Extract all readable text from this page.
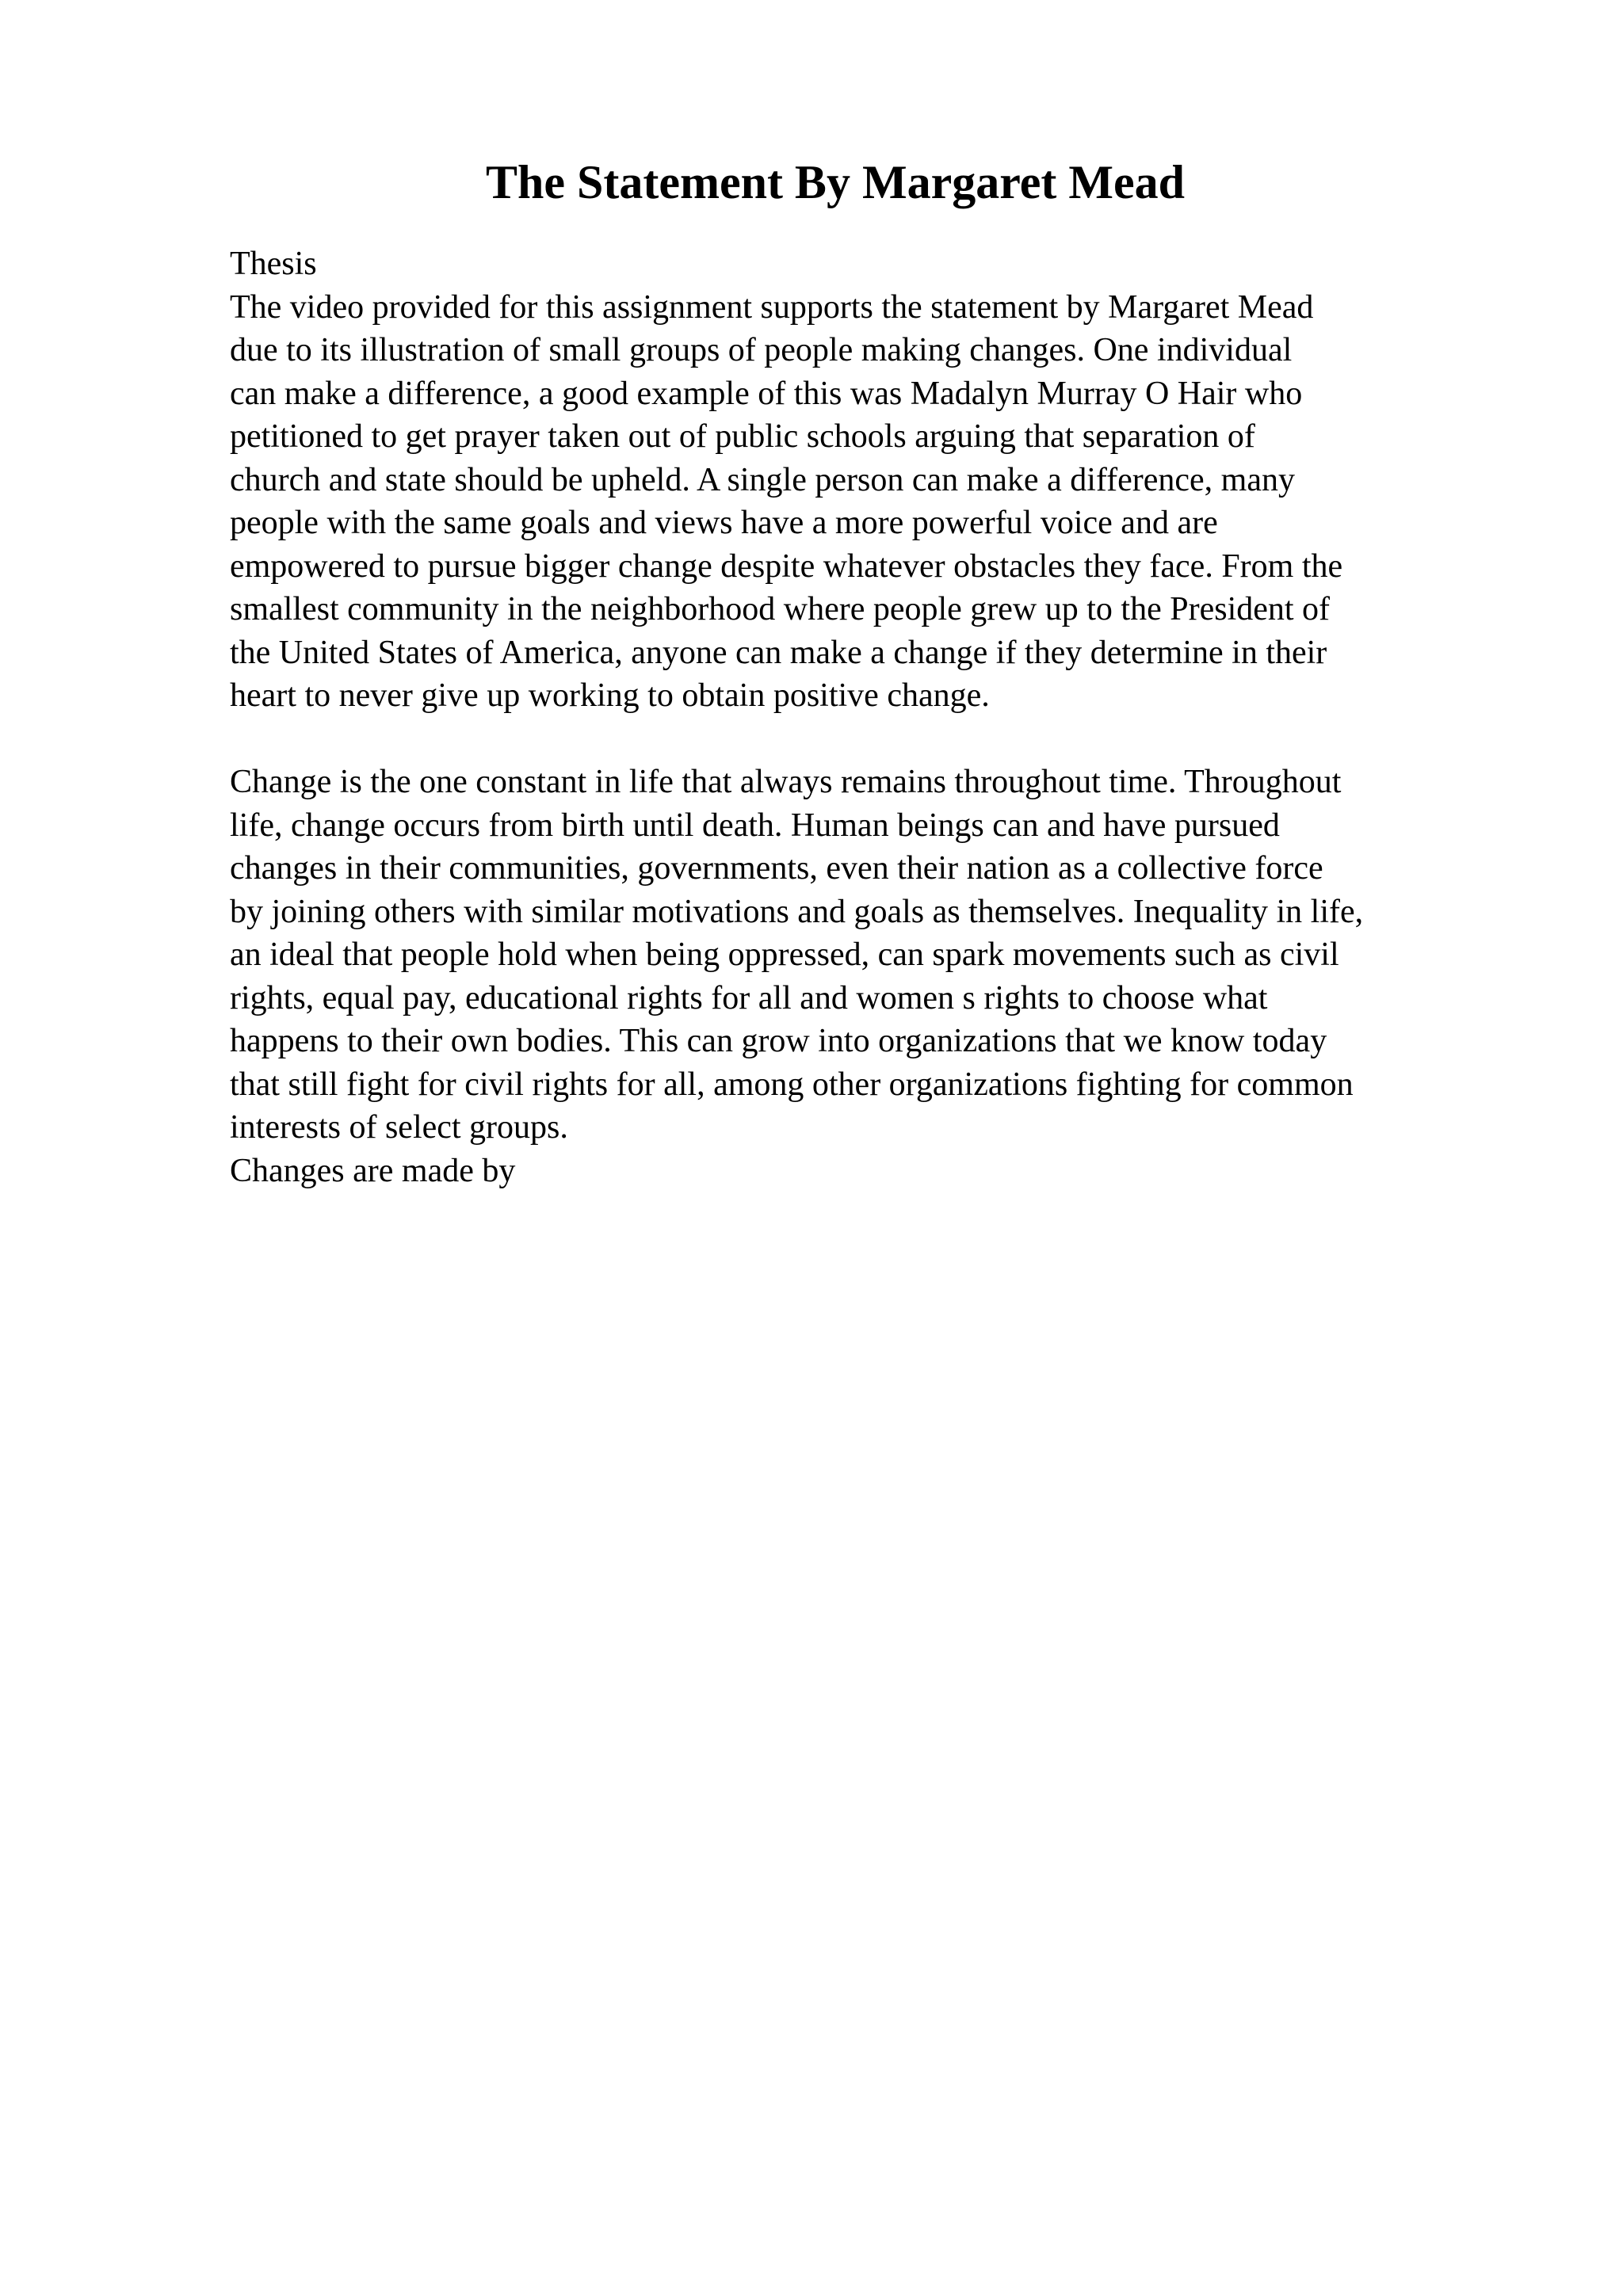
The Statement By Margaret Mead
Thesis
The video provided for this assignment supports the statement by Margaret Mead
due to its illustration of small groups of people making changes. One individual
can make a difference, a good example of this was Madalyn Murray O Hair who
petitioned to get prayer taken out of public schools arguing that separation of
church and state should be upheld. A single person can make a difference, many
people with the same goals and views have a more powerful voice and are
empowered to pursue bigger change despite whatever obstacles they face. From the
smallest community in the neighborhood where people grew up to the President of
the United States of America, anyone can make a change if they determine in their
heart to never give up working to obtain positive change.
Change is the one constant in life that always remains throughout time. Throughout
life, change occurs from birth until death. Human beings can and have pursued
changes in their communities, governments, even their nation as a collective force
by joining others with similar motivations and goals as themselves. Inequality in life,
an ideal that people hold when being oppressed, can spark movements such as civil
rights, equal pay, educational rights for all and women s rights to choose what
happens to their own bodies. This can grow into organizations that we know today
that still fight for civil rights for all, among other organizations fighting for common
interests of select groups.
Changes are made by
